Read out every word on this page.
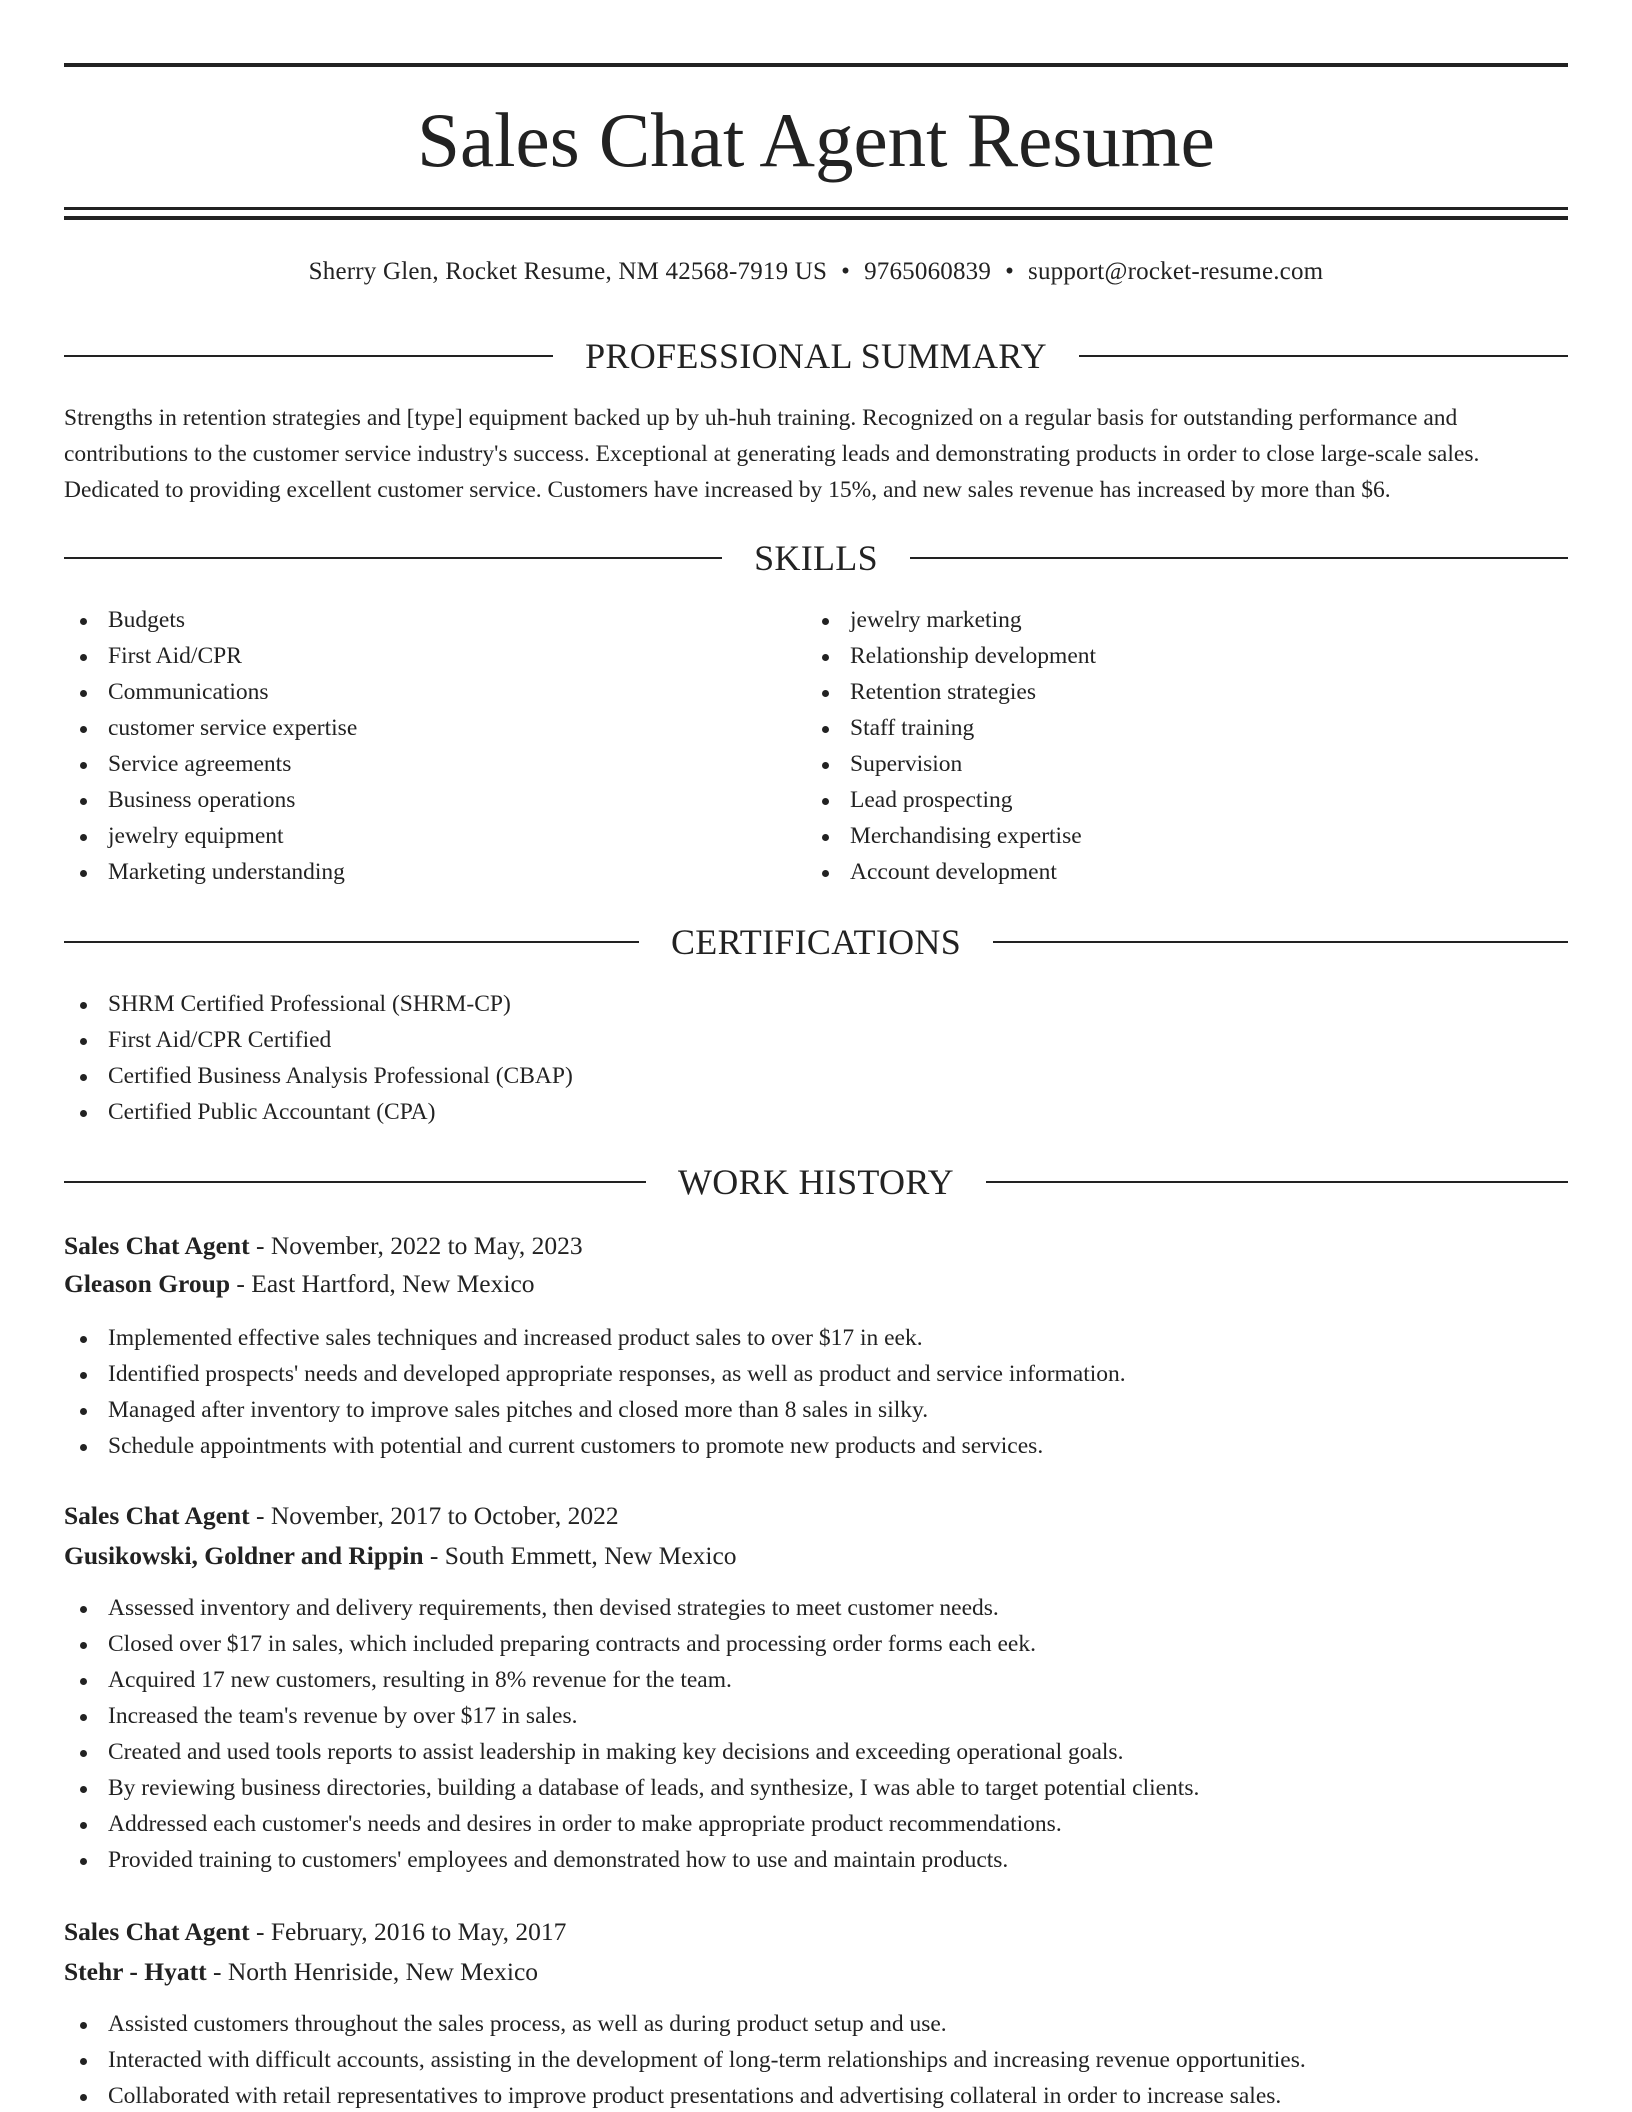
Sales Chat Agent Resume
Sherry Glen, Rocket Resume, NM 42568-7919 US • 9765060839 • support@rocket-resume.com
PROFESSIONAL SUMMARY

Strengths in retention strategies and [type] equipment backed up by uh-huh training. Recognized on a regular basis for outstanding performance and contributions to the customer service industry's success. Exceptional at generating leads and demonstrating products in order to close large-scale sales. Dedicated to providing excellent customer service. Customers have increased by 15%, and new sales revenue has increased by more than $6.

SKILLS
Budgets
First Aid/CPR
Communications
customer service expertise
Service agreements
Business operations
jewelry equipment
Marketing understanding
jewelry marketing
Relationship development
Retention strategies
Staff training
Supervision
Lead prospecting
Merchandising expertise
Account development
CERTIFICATIONS
SHRM Certified Professional (SHRM-CP)
First Aid/CPR Certified
Certified Business Analysis Professional (CBAP)
Certified Public Accountant (CPA)
WORK HISTORY
Sales Chat Agent - November, 2022 to May, 2023
Gleason Group - East Hartford, New Mexico
Implemented effective sales techniques and increased product sales to over $17 in eek.
Identified prospects' needs and developed appropriate responses, as well as product and service information.
Managed after inventory to improve sales pitches and closed more than 8 sales in silky.
Schedule appointments with potential and current customers to promote new products and services.
Sales Chat Agent - November, 2017 to October, 2022
Gusikowski, Goldner and Rippin - South Emmett, New Mexico
Assessed inventory and delivery requirements, then devised strategies to meet customer needs.
Closed over $17 in sales, which included preparing contracts and processing order forms each eek.
Acquired 17 new customers, resulting in 8% revenue for the team.
Increased the team's revenue by over $17 in sales.
Created and used tools reports to assist leadership in making key decisions and exceeding operational goals.
By reviewing business directories, building a database of leads, and synthesize, I was able to target potential clients.
Addressed each customer's needs and desires in order to make appropriate product recommendations.
Provided training to customers' employees and demonstrated how to use and maintain products.
Sales Chat Agent - February, 2016 to May, 2017
Stehr - Hyatt - North Henriside, New Mexico
Assisted customers throughout the sales process, as well as during product setup and use.
Interacted with difficult accounts, assisting in the development of long-term relationships and increasing revenue opportunities.
Collaborated with retail representatives to improve product presentations and advertising collateral in order to increase sales.
